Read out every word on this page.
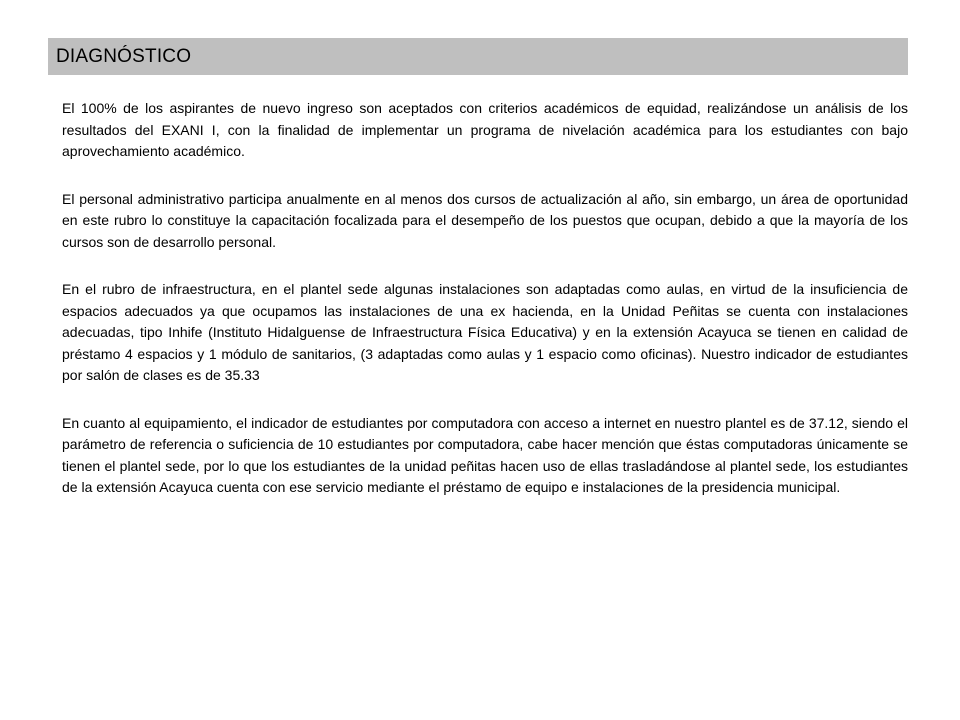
DIAGNÓSTICO

El 100% de los aspirantes de nuevo ingreso son aceptados con criterios académicos de equidad, realizándose un análisis de los resultados del EXANI I, con la finalidad de implementar un programa de nivelación académica para los estudiantes con bajo aprovechamiento académico.

El personal administrativo participa anualmente en al menos dos cursos de actualización al año, sin embargo, un área de oportunidad en este rubro lo constituye la capacitación focalizada para el desempeño de los puestos que ocupan, debido a que la mayoría de los cursos son de desarrollo personal.

En el rubro de infraestructura, en el plantel sede algunas instalaciones son adaptadas como aulas, en virtud de la insuficiencia de espacios adecuados ya que ocupamos las instalaciones de una ex hacienda, en la Unidad Peñitas se cuenta con instalaciones adecuadas, tipo Inhife (Instituto Hidalguense de Infraestructura Física Educativa) y en la extensión Acayuca se tienen en calidad de préstamo 4 espacios y 1 módulo de sanitarios, (3 adaptadas como aulas y 1 espacio como oficinas). Nuestro indicador de estudiantes por salón de clases es de 35.33

En cuanto al equipamiento, el indicador de estudiantes por computadora con acceso a internet en nuestro plantel es de 37.12, siendo el parámetro de referencia o suficiencia de 10 estudiantes por computadora, cabe hacer mención que éstas computadoras únicamente se tienen el plantel sede, por lo que los estudiantes de la unidad peñitas hacen uso de ellas trasladándose al plantel sede, los estudiantes de la extensión Acayuca cuenta con ese servicio mediante el préstamo de equipo e instalaciones de la presidencia municipal.
